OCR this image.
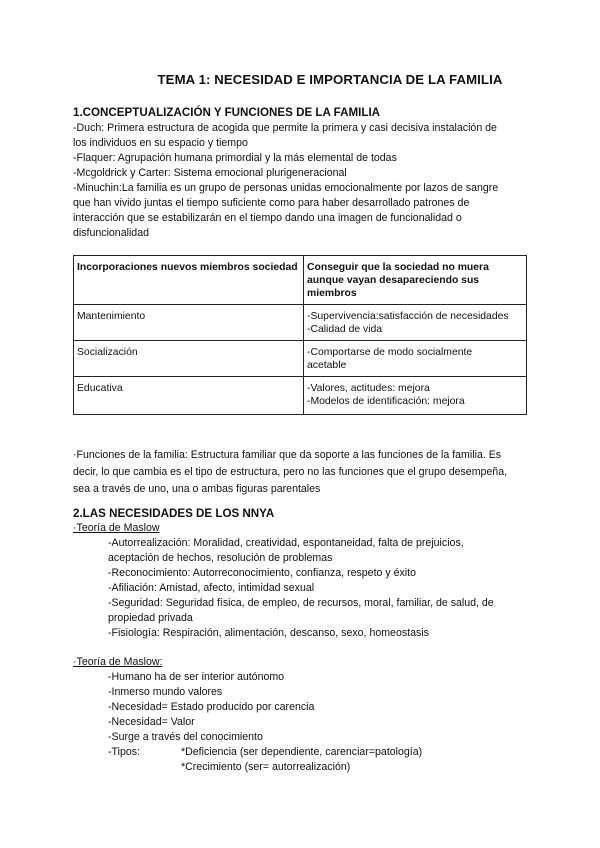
TEMA 1: NECESIDAD E IMPORTANCIA DE LA FAMILIA
1.CONCEPTUALIZACIÓN Y FUNCIONES DE LA FAMILIA

-Duch: Primera estructura de acogida que permite la primera y casi decisiva instalación de

los individuos en su espacio y tiempo

-Flaquer: Agrupación humana primordial y la más elemental de todas

-Mcgoldrick y Carter: Sistema emocional plurigeneracional

-Minuchin:La familia es un grupo de personas unidas emocionalmente por lazos de sangre

que han vivido juntas el tiempo suficiente como para haber desarrollado patrones de

interacción que se estabilizarán en el tiempo dando una imagen de funcionalidad o

disfuncionalidad

Incorporaciones nuevos miembros sociedad	Conseguir que la sociedad no muera aunque vayan desapareciendo sus miembros
Mantenimiento	-Supervivencia:satisfacción de necesidades
-Calidad de vida

Socialización	-Comportarse de modo socialmente
acetable

Educativa	-Valores, actitudes: mejora
-Modelos de identificación: mejora

·Funciones de la familia: Estructura familiar que da soporte a las funciones de la familia. Es

decir, lo que cambia es el tipo de estructura, pero no las funciones que el grupo desempeña,

sea a través de uno, una o ambas figuras parentales

2.LAS NECESIDADES DE LOS NNYA
·Teoría de Maslow

-Autorrealización: Moralidad, creatividad, espontaneidad, falta de prejuicios,

aceptación de hechos, resolución de problemas

-Reconocimiento: Autorreconocimiento, confianza, respeto y éxito

-Afiliación: Amistad, afecto, intimidad sexual

-Seguridad: Seguridad física, de empleo, de recursos, moral, familiar, de salud, de

propiedad privada

-Fisiología: Respiración, alimentación, descanso, sexo, homeostasis

·Teoría de Maslow:

-Humano ha de ser interior autónomo

-Inmerso mundo valores

-Necesidad= Estado producido por carencia

-Necesidad= Valor

-Surge a través del conocimiento

-Tipos:	*Deficiencia (ser dependiente, carenciar=patología)
*Crecimiento (ser= autorrealización)
